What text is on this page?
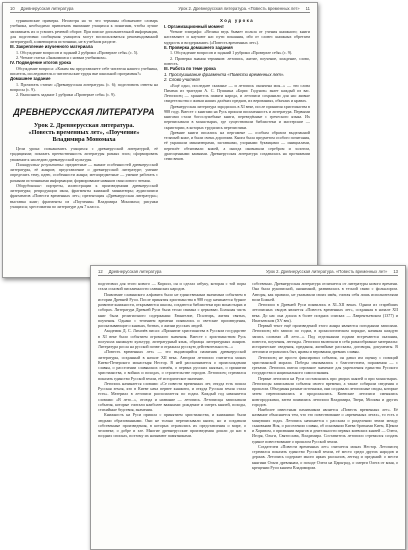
10 Древнерусская литература	Урок 2. Древнерусская литература. «Повесть временных лет» 11

турниковские примеры. Несмотря на то что термины обозначают словарь учебника, необходимо привлекать внимание учащихся к понятиям, чтобы лучше запоминать их и усвоить речевой оборот. При поиске дополнительной информации, для подготовки сообщения учащиеся могут воспользоваться рекомендованной литературой, а имеющиеся источники, не в учебном разделе.

III. Закрепление изученного материала

1. Обсуждение вопросов и заданий 2 рубрики «Проверьте себя» (с. 5).

2. Чтение статьи «Знакомимся с новым учебником».

IV. Подведение итогов урока

Обсуждение вопроса: «Каким вы представляете себе читателя нашего учебника, писатель, исследователь и читательские труды вне школьной программы?»

Домашнее задание

1. Прочитать статью «Древнерусская литература» (с. 6); подготовить ответы на вопросы (с. 9).

2. Выполнить задание 1 рубрики «Проверьте себя» (с. 9).

ДРЕВНЕРУССКАЯ ЛИТЕРАТУРА

Урок 2. Древнерусская литература.

«Повесть временных лет», «Поучение»

Владимира Мономаха

Цели урока: познакомить учащихся с древнерусской литературой, её традициями; показать преемственность литературы разных эпох; сформировать уважение к наследию древнерусской культуры.

Планируемые результаты: предметные — знание особенностей древнерусской литературы, её жанров; представление о древнерусской литературе; умение определять тему, идею, особенности жанра; метапредметные — умение работать с разными источниками информации; формирование навыков смыслового чтения.

Оборудование: портреты, иллюстрации к произведениям древнерусской литературы; репродукции икон, фрагменты книжной миниатюры; аудиозаписи фрагментов «Повести временных лет»; презентация «Древнерусская литература»; выставка книг; фрагменты из «Поучения» Владимира Мономаха; рисунки учащихся; хрестоматия по литературе для 7 класса.

Ход урока

I. Организационный момент

Чтение эпиграфа: «Велика ведь бывает польза от учения книжного; книги наставляют и научают нас пути покаяния, ибо от словес книжных обретаем мудрость и воздержание» («Повесть временных лет»).

II. Проверка домашнего задания

1. Обсуждение вопросов и заданий 1 рубрики «Проверьте себя» (с. 9).

2. Проверка знания терминов: летопись, житие, поучение, хождение, слово, повесть.

III. Работа по теме урока

1. Прослушивание фрагмента «Повести временных лет».

2. Слово учителя

«Ещё одно, последнее сказанье — и летопись окончена моя...» — эти слова Пимена из трагедии А. С. Пушкина «Борис Годунов» знает каждый из вас. Летописец — хранитель памяти народа, и летописи сохранили для нас живые свидетельства о жизни наших далёких предков, их верованиях, обычаях и нравах.

Древнерусская литература зародилась в XI веке, после принятия христианства в 988 году. Вместе с книгами на Русь пришли письменность и литература. Первыми книгами стали богослужебные книги, переведённые с греческого языка. Их переписывали в монастырях, где существовали библиотеки и мастерские — скриптории, в которых трудились переписчики.

Древние книги писались на пергамене — особым образом выделанной телячьей коже, и были очень дорогими. Книга была предметом особого почитания, её украшали миниатюрами, заставками, узорными буквицами — инициалами, переплёт обтягивали кожей, а иногда оковывали серебром и золотом, драгоценными камнями. Древнерусская литература создавалась на протяжении семи веков.

12 Древнерусская литература	Урок 2. Древнерусская литература. «Повесть временных лет» 13

подготовил для этого нового — Кирилл, он и сделал азбуку, которая с той поры стала основой письменности славянских народов.

Появление славянского алфавита было не единственным значимым событием в истории Древней Руси. После принятия христианства в 988 году начинается бурное развитие книжности, открываются школы, создаются библиотеки при монастырях и соборах. Литература Древней Руси была тесно связана с церковью. Большая часть книг была религиозного содержания: Евангелие, Псалтирь, жития святых, поучения. Однако с течением времени появились и светские произведения, рассказывающие о князьях, битвах, о жизни русских людей.

Академик Д. С. Лихачёв писал: «Принятие христианства в Русском государстве в XI веке было событием огромного значения. Вместе с христианством Русь получила книжную культуру, литературный язык, образцы литературных жанров. Литература росла на русской почве и отражала русскую действительность...»

«Повесть временных лет» — это выдающийся памятник древнерусской литературы, созданный в начале XII века. Автором летописи считается монах Киево-Печерского монастыря Нестор. В ней рассказывается о происхождении славян, о расселении славянских племён, о первых русских князьях, о принятии христианства, о войнах и походах, о строительстве городов. Летописец стремился показать единство Русской земли, её историческое значение.

Летопись начинается словами: «Се повести временных лет, откуда есть пошла Русская земля, кто в Киеве нача первее княжити, и откуда Русская земля стала есть». Материал в летописи располагается по годам. Каждый год начинается словами: «В лето...», отсюда и название — летопись. Летописцы записывали события, которые считали наиболее важными: рождение и смерть князей, походы, стихийные бедствия, знамения.

Книжность на Руси пришла с принятием христианства, и книжники были людьми образованными. Они не только переписывали книги, но и создавали собственные произведения, в которых отразились их представления о мире, о человеке, о добре и зле. Многие древнерусские произведения дошли до нас в поздних списках, поэтому их называют памятниками.

собственно. Древнерусская литература отличается от литературы нового времени. Она была рукописной, анонимной, развивалась в тесной связи с фольклором. Авторы, как правило, не указывали своих имён, считая себя лишь исполнителями воли Божьей.

Летописи в Древней Руси появились в XI–XII веках. Одним из старейших летописных сводов является «Повесть временных лет», созданная в начале XII века. До нас она дошла в более поздних списках — Лаврентьевском (1377) и Ипатьевском (XV век).

Первый текст ещё произведений этого жанра являются погодными записями. Летописец вёл записи по годам, в хронологическом порядке, начиная каждую запись словами «В лето...». Под отдельными годами встречаются сказания, повести, поучения, легенды. Летописи включали в себя разнообразные материалы: исторические сведения, предания, житийные рассказы, договоры, документы. В летописи отразились быт, нравы и верования древних славян.

Летописец не просто фиксировал события, он давал им оценку с позиций христианской морали. Победы связывались с благочестием, поражения — с грехами. Летопись имела огромное значение для укрепления единства Русского государства и национального самосознания.

Первые летописи на Руси составлялись при дворах князей и при монастырях. Летописцы записывали события своего времени, а также собирали сведения о прошлом. Объединяя разные источники, они создавали летописные своды, которые затем переписывались и продолжались. Киевские летописи сменялись новгородскими, затем появились летописи Владимира, Твери, Москвы и других городов.

Наиболее известным памятником является «Повесть временных лет». Её название объясняется тем, что это повествование о «временных летах», то есть о минувших годах. Летопись начинается с рассказа о разделении земли между сыновьями Ноя, о расселении славян, об основании Киева братьями Кием, Щеком и Хоривом, о призвании варягов и деятельности первых киевских князей — Олега, Игоря, Ольги, Святослава, Владимира. Составитель летописи стремился создать единое повествование о прошлом Русской земли.

Создателем «Повести временных лет» считается монах Нестор. Летописец стремился показать единство Русской земли, её место среди других народов и держав. Летопись содержит много ярких рассказов, легенд и преданий: о мести княгини Ольги древлянам, о походе Олега на Царьград, о смерти Олега от коня, о крещении Руси князем Владимиром.
